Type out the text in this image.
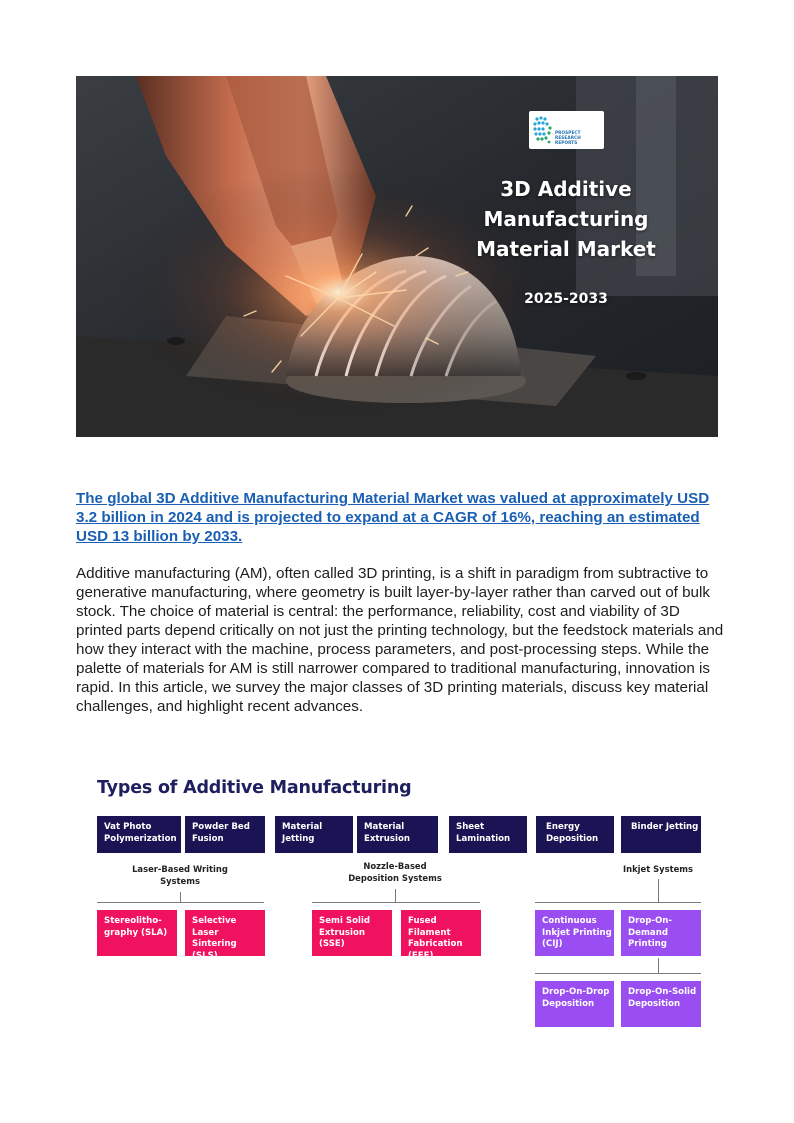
PROSPECT RESEARCH REPORTS
3D Additive Manufacturing Material Market
2025-2033
The global 3D Additive Manufacturing Material Market was valued at approximately USD 3.2 billion in 2024 and is projected to expand at a CAGR of 16%, reaching an estimated USD 13 billion by 2033.

Additive manufacturing (AM), often called 3D printing, is a shift in paradigm from subtractive to generative manufacturing, where geometry is built layer-by-layer rather than carved out of bulk stock. The choice of material is central: the performance, reliability, cost and viability of 3D printed parts depend critically on not just the printing technology, but the feedstock materials and how they interact with the machine, process parameters, and post-processing steps. While the palette of materials for AM is still narrower compared to traditional manufacturing, innovation is rapid. In this article, we survey the major classes of 3D printing materials, discuss key material challenges, and highlight recent advances.

Types of Additive Manufacturing
Vat Photo Polymerization
Powder Bed Fusion
Material Jetting
Material Extrusion
Sheet Lamination
Energy Deposition
Binder Jetting
Laser-Based Writing Systems
Nozzle-Based Deposition Systems
Inkjet Systems
Stereolitho-graphy (SLA)
Selective Laser Sintering (SLS)
Semi Solid Extrusion (SSE)
Fused Filament Fabrication (FFF)
Continuous Inkjet Printing (CIJ)
Drop-On-Demand Printing
Drop-On-Drop Deposition
Drop-On-Solid Deposition
